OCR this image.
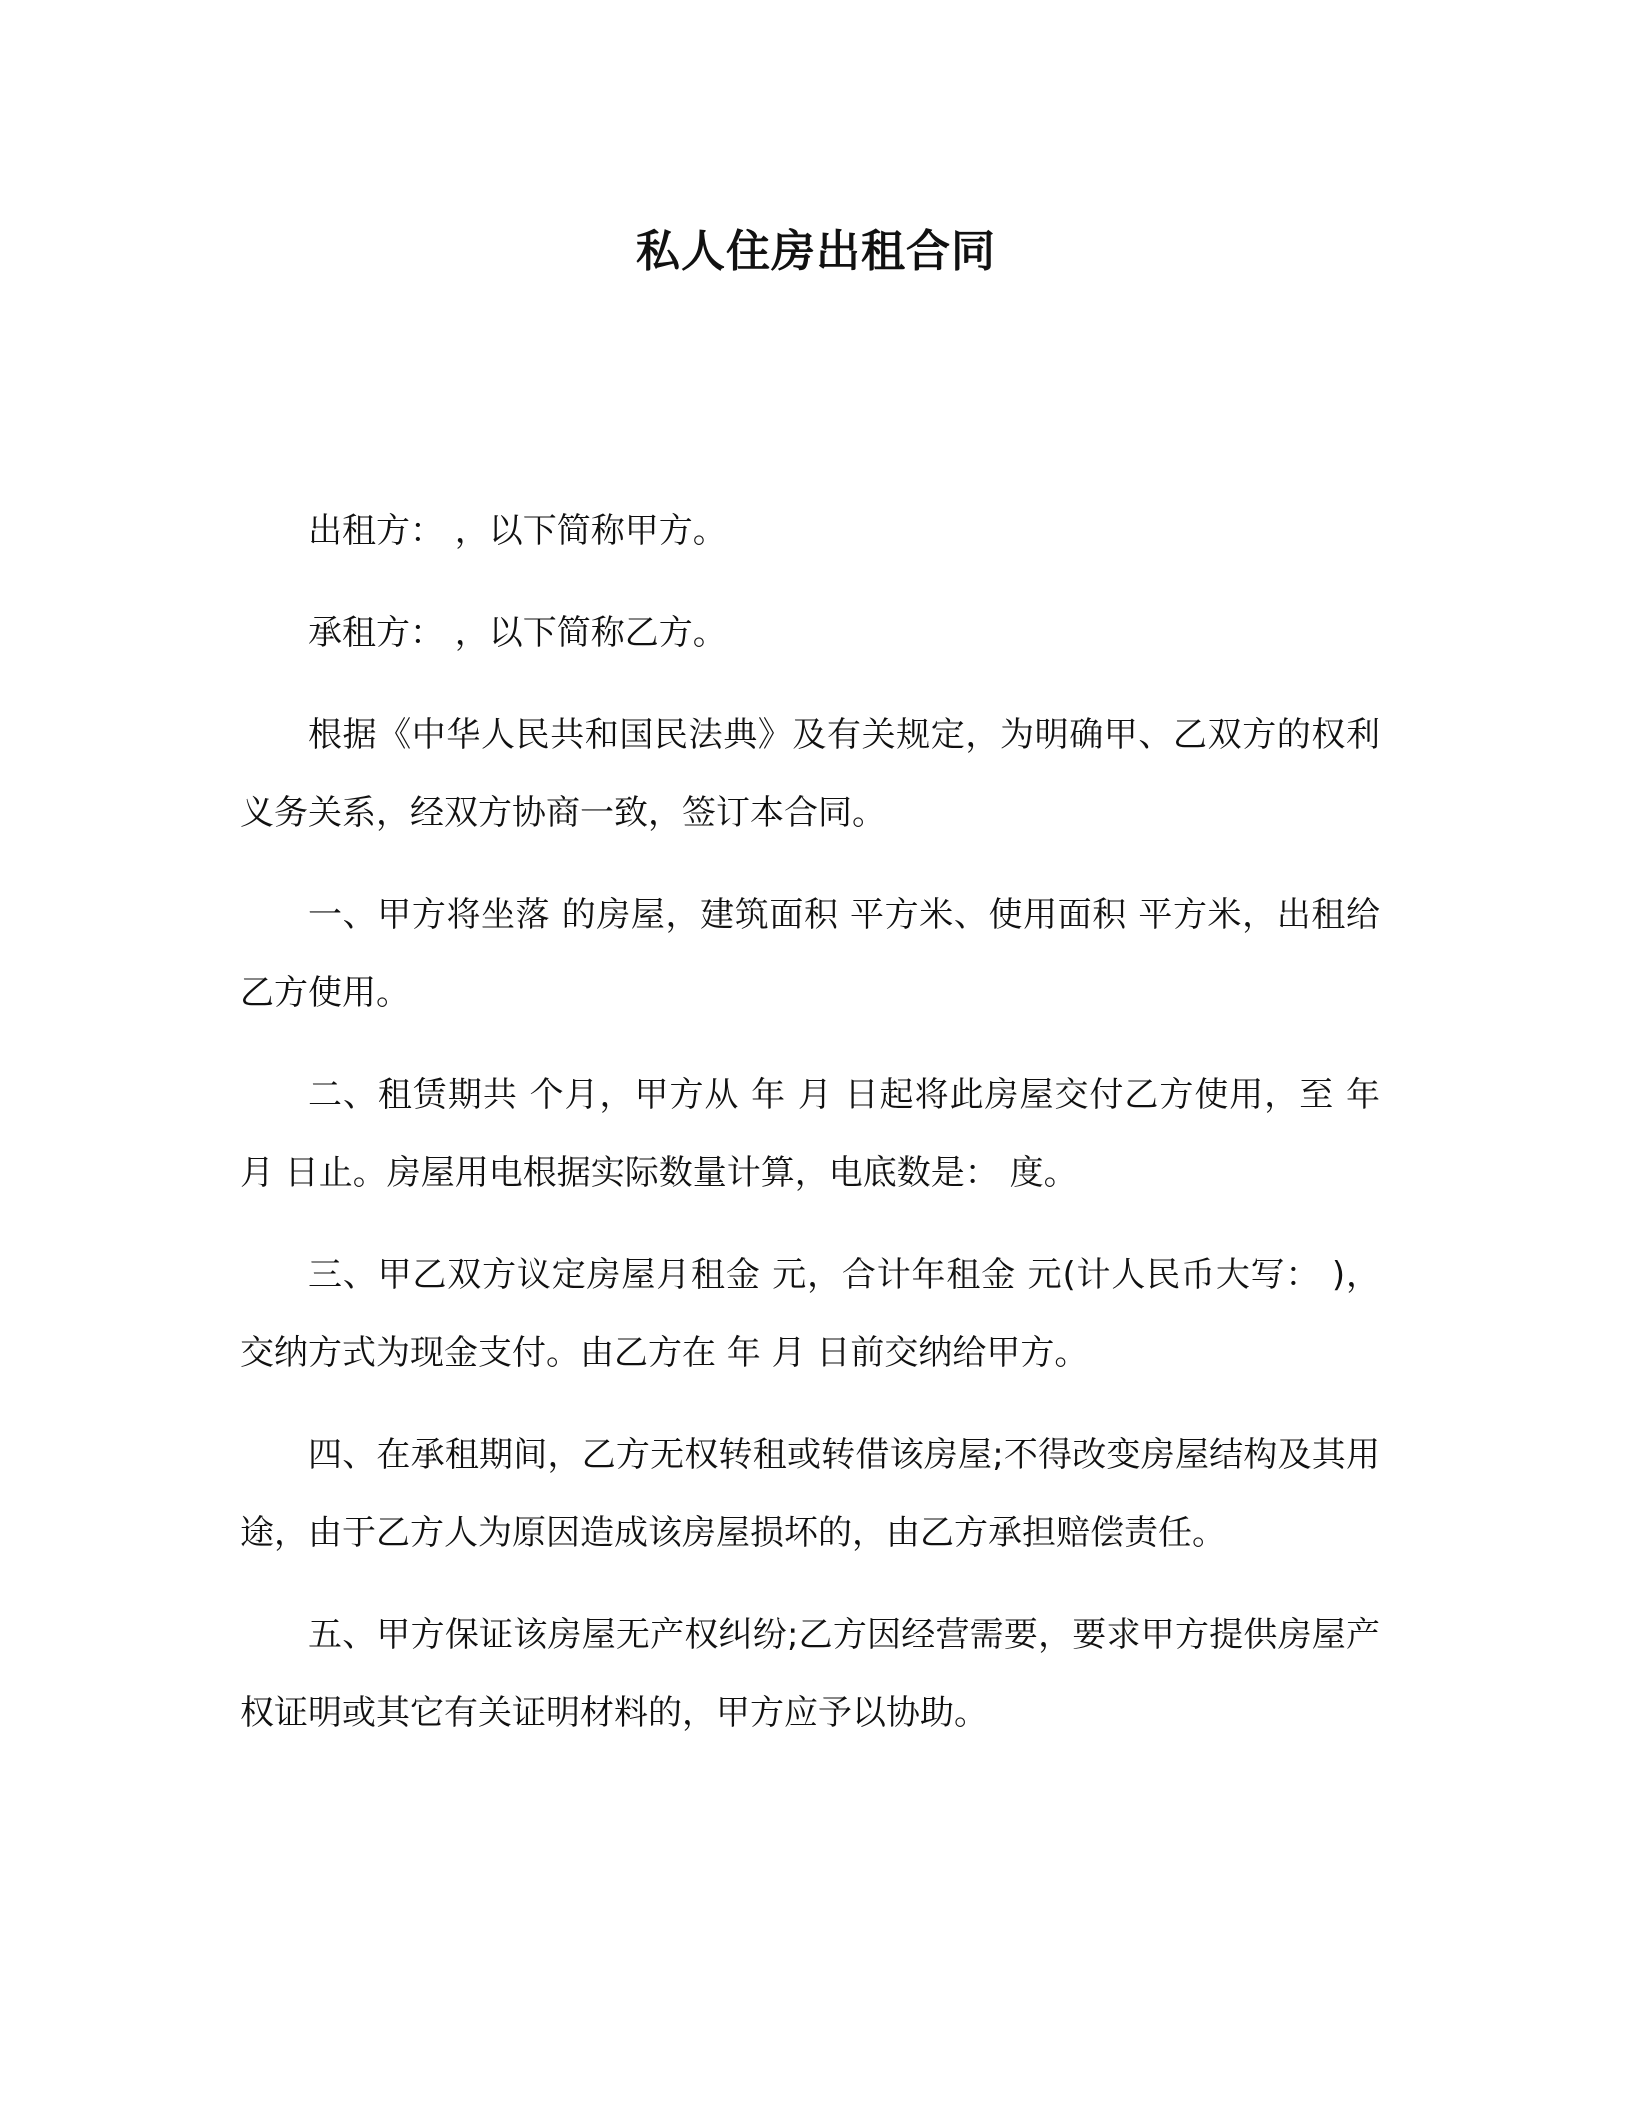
私人住房出租合同

出租方： ，以下简称甲方。

承租方： ，以下简称乙方。

根据《中华人民共和国民法典》及有关规定，为明确甲、乙双方的权利义务关系，经双方协商一致，签订本合同。

一、甲方将坐落 的房屋，建筑面积 平方米、使用面积 平方米，出租给乙方使用。

二、租赁期共 个月，甲方从 年 月 日起将此房屋交付乙方使用，至 年 月 日止。房屋用电根据实际数量计算，电底数是： 度。

三、甲乙双方议定房屋月租金 元，合计年租金 元(计人民币大写： )，交纳方式为现金支付。由乙方在 年 月 日前交纳给甲方。

四、在承租期间，乙方无权转租或转借该房屋;不得改变房屋结构及其用途，由于乙方人为原因造成该房屋损坏的，由乙方承担赔偿责任。

五、甲方保证该房屋无产权纠纷;乙方因经营需要，要求甲方提供房屋产权证明或其它有关证明材料的，甲方应予以协助。
